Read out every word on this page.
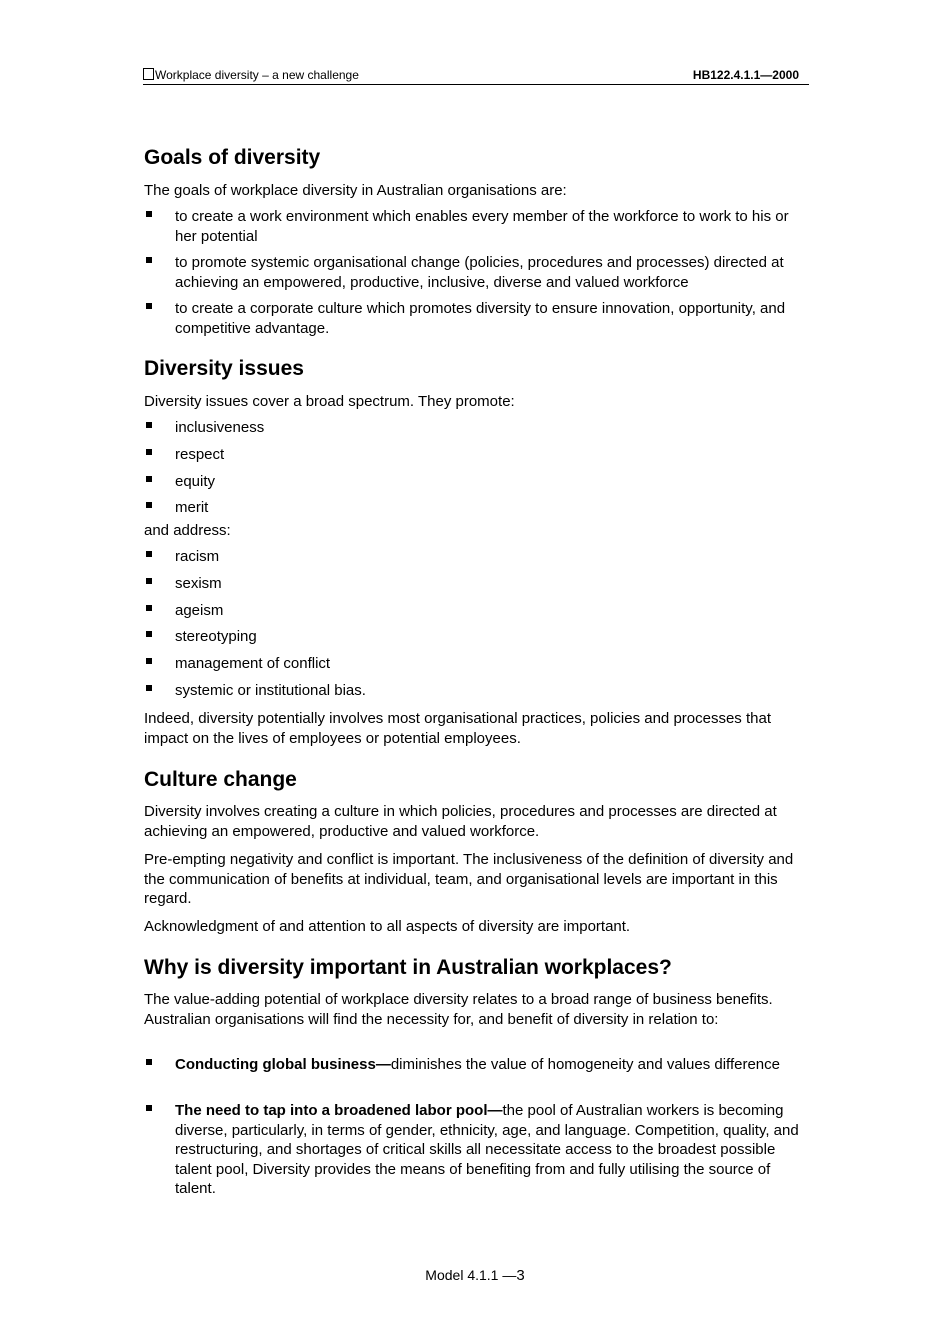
Workplace diversity – a new challenge	HB122.4.1.1—2000
Goals of diversity

The goals of workplace diversity in Australian organisations are:

to create a work environment which enables every member of the workforce to work to his or her potential
to promote systemic organisational change (policies, procedures and processes) directed at achieving an empowered, productive, inclusive, diverse and valued workforce
to create a corporate culture which promotes diversity to ensure innovation, opportunity, and competitive advantage.
Diversity issues

Diversity issues cover a broad spectrum. They promote:

inclusiveness
respect
equity
merit

and address:

racism
sexism
ageism
stereotyping
management of conflict
systemic or institutional bias.

Indeed, diversity potentially involves most organisational practices, policies and processes that impact on the lives of employees or potential employees.

Culture change

Diversity involves creating a culture in which policies, procedures and processes are directed at achieving an empowered, productive and valued workforce.

Pre-empting negativity and conflict is important. The inclusiveness of the definition of diversity and the communication of benefits at individual, team, and organisational levels are important in this regard.

Acknowledgment of and attention to all aspects of diversity are important.

Why is diversity important in Australian workplaces?

The value-adding potential of workplace diversity relates to a broad range of business benefits. Australian organisations will find the necessity for, and benefit of diversity in relation to:

Conducting global business—diminishes the value of homogeneity and values difference
The need to tap into a broadened labor pool—the pool of Australian workers is becoming diverse, particularly, in terms of gender, ethnicity, age, and language. Competition, quality, and restructuring, and shortages of critical skills all necessitate access to the broadest possible talent pool, Diversity provides the means of benefiting from and fully utilising the source of talent.
Model 4.1.1 —3
